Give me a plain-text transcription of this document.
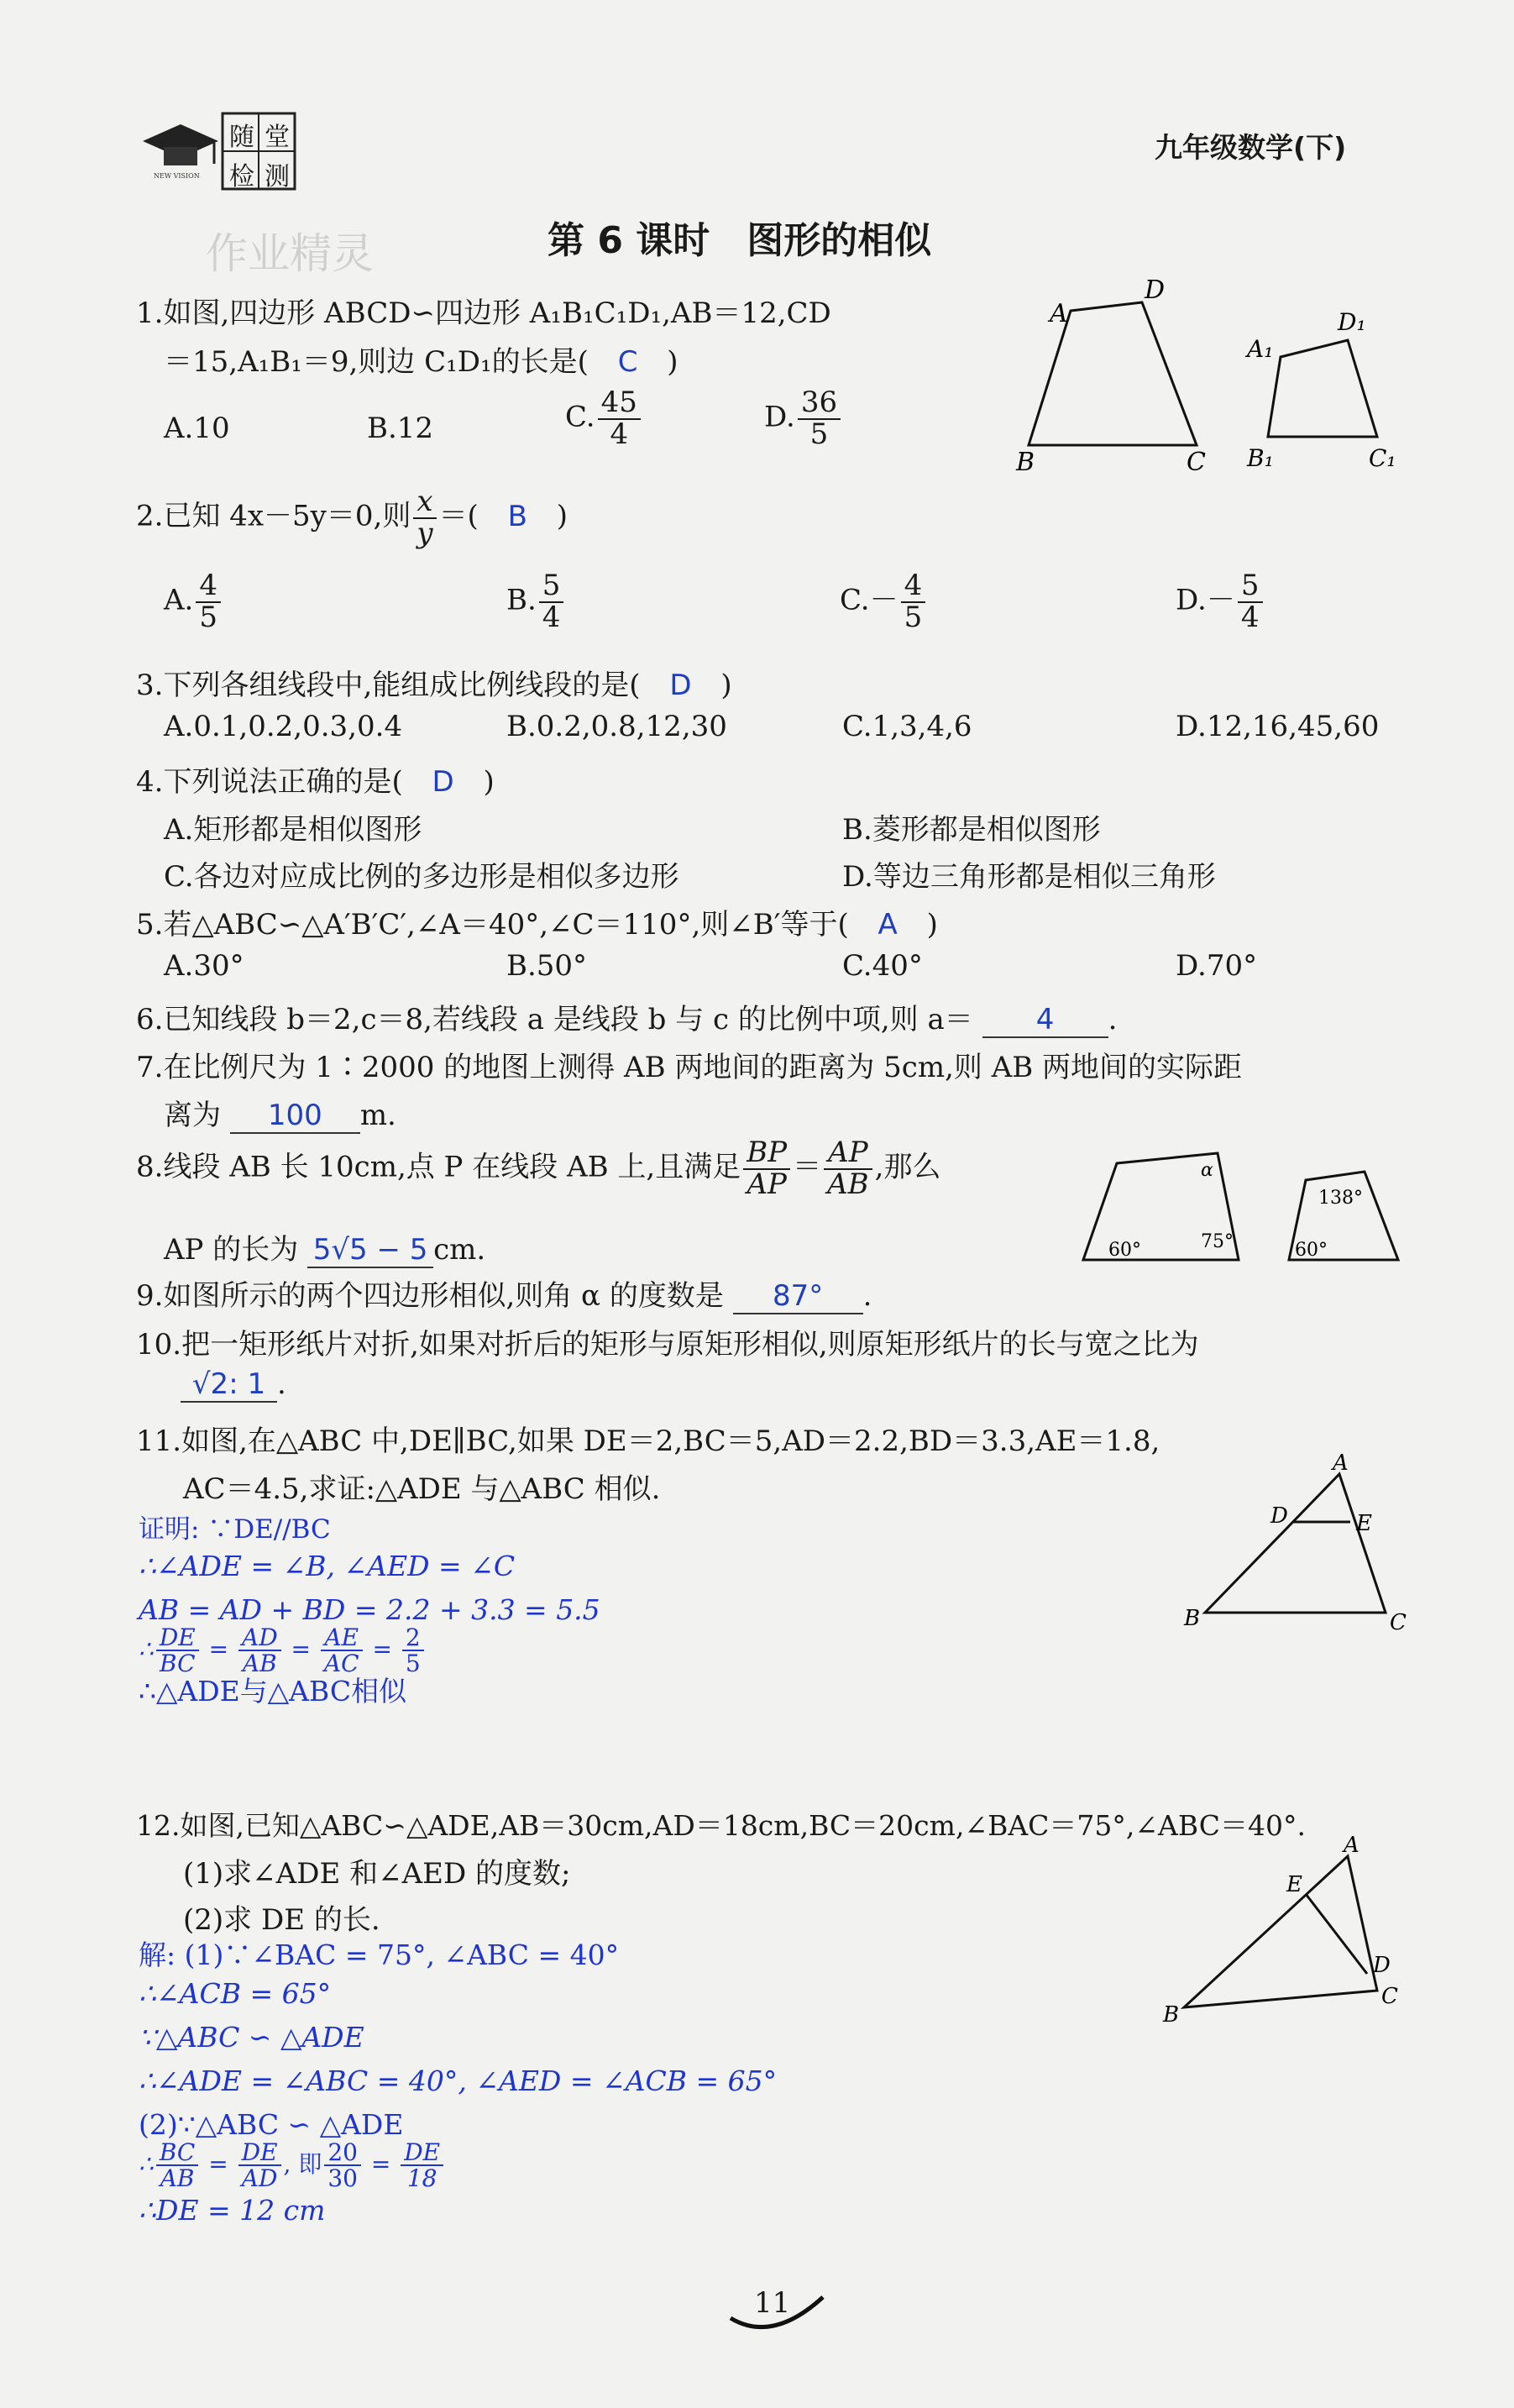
NEW VISION
随 堂
检 测
九年级数学(下)
作业精灵	第 6 课时　图形的相似
1.如图,四边形 ABCD∽四边形 A₁B₁C₁D₁,AB＝12,CD
＝15,A₁B₁＝9,则边 C₁D₁的长是( C )
A.10	B.12	C. $\frac{45}{4}$	D. $\frac{36}{5}$
A
B	C
D
A₁
B₁	C₁
D₁
2.已知 4x－5y＝0,则 $\frac{x}{y}$ ＝( B )
A. $\frac{4}{5}$	B. $\frac{5}{4}$	$C.- \frac{4}{5}$	$D.- \frac{5}{4}$
3.下列各组线段中,能组成比例线段的是( D )
A.0.1,0.2,0.3,0.4	B.0.2,0.8,12,30	C.1,3,4,6	D.12,16,45,60
4.下列说法正确的是( D )
A.矩形都是相似图形	B.菱形都是相似图形
C.各边对应成比例的多边形是相似多边形	D.等边三角形都是相似三角形
5.若△ABC∽△A′B′C′,∠A＝40°,∠C＝110°,则∠B′等于( A )
A.30°	B.50°	C.40°	D.70°
6.已知线段 b＝2,c＝8,若线段 a 是线段 b 与 c 的比例中项,则 a＝ 4 .
7.在比例尺为 1∶2000 的地图上测得 AB 两地间的距离为 5cm,则 AB 两地间的实际距
离为 100 m.
8.线段 AB 长 10cm,点 P 在线段 AB 上,且满足 $\frac{BP}{AP} = \frac{AP}{AB}$ ,那么
AP 的长为 5√5 − 5 cm.
α
60°	75°
138°
60°
9.如图所示的两个四边形相似,则角 α 的度数是 87° .
10.把一矩形纸片对折,如果对折后的矩形与原矩形相似,则原矩形纸片的长与宽之比为
√2: 1 .
11.如图,在△ABC 中,DE∥BC,如果 DE＝2,BC＝5,AD＝2.2,BD＝3.3,AE＝1.8,
AC＝4.5,求证:△ADE 与△ABC 相似.
证明: ∵DE//BC
∴∠ADE = ∠B, ∠AED = ∠C
AB = AD + BD = 2.2 + 3.3 = 5.5
∴ $\frac{DE}{BC} = \frac{AD}{AB} = \frac{AE}{AC} = \frac{2}{5}$
∴△ADE与△ABC相似
A
D	E
B	C
12.如图,已知△ABC∽△ADE,AB＝30cm,AD＝18cm,BC＝20cm,∠BAC＝75°,∠ABC＝40°.
(1)求∠ADE 和∠AED 的度数;
(2)求 DE 的长.
解: (1)∵∠BAC = 75°, ∠ABC = 40°
∴∠ACB = 65°
∵△ABC ∽ △ADE
∴∠ADE = ∠ABC = 40°, ∠AED = ∠ACB = 65°
(2)∵△ABC ∽ △ADE
∴ $\frac{BC}{AB} = \frac{DE}{AD}$ , 即 $\frac{20}{30} = \frac{DE}{18}$
∴DE = 12 cm
A
E
D
B
C
11
